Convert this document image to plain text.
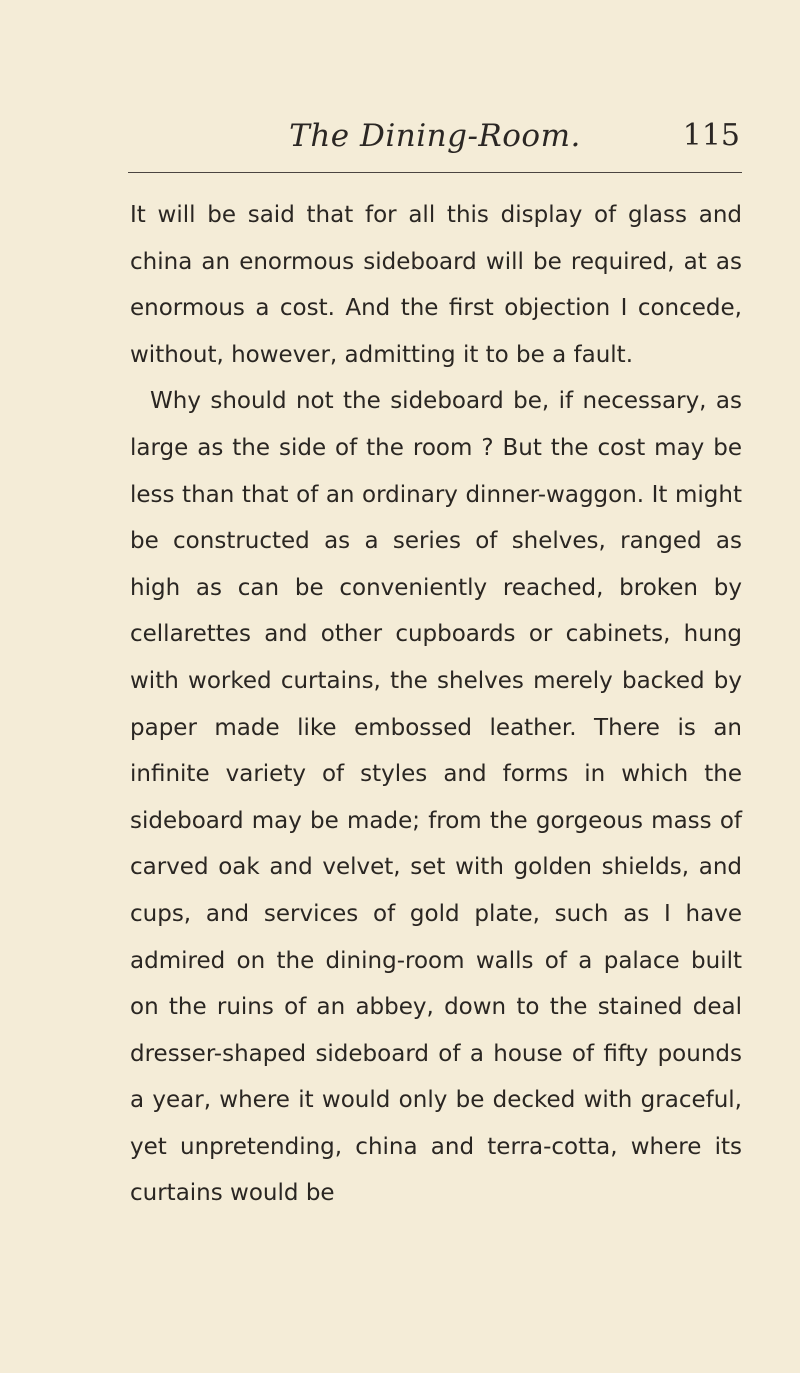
The Dining-Room.	115

It will be said that for all this display of glass and china an enormous sideboard will be required, at as enormous a cost. And the first objection I concede, without, however, admitting it to be a fault.

Why should not the sideboard be, if necessary, as large as the side of the room ? But the cost may be less than that of an ordinary dinner-waggon. It might be constructed as a series of shelves, ranged as high as can be conveniently reached, broken by cellarettes and other cupboards or cabinets, hung with worked curtains, the shelves merely backed by paper made like embossed leather. There is an infinite variety of styles and forms in which the sideboard may be made; from the gorgeous mass of carved oak and velvet, set with golden shields, and cups, and services of gold plate, such as I have admired on the dining-room walls of a palace built on the ruins of an abbey, down to the stained deal dresser-shaped sideboard of a house of fifty pounds a year, where it would only be decked with graceful, yet unpretending, china and terra-cotta, where its curtains would be
